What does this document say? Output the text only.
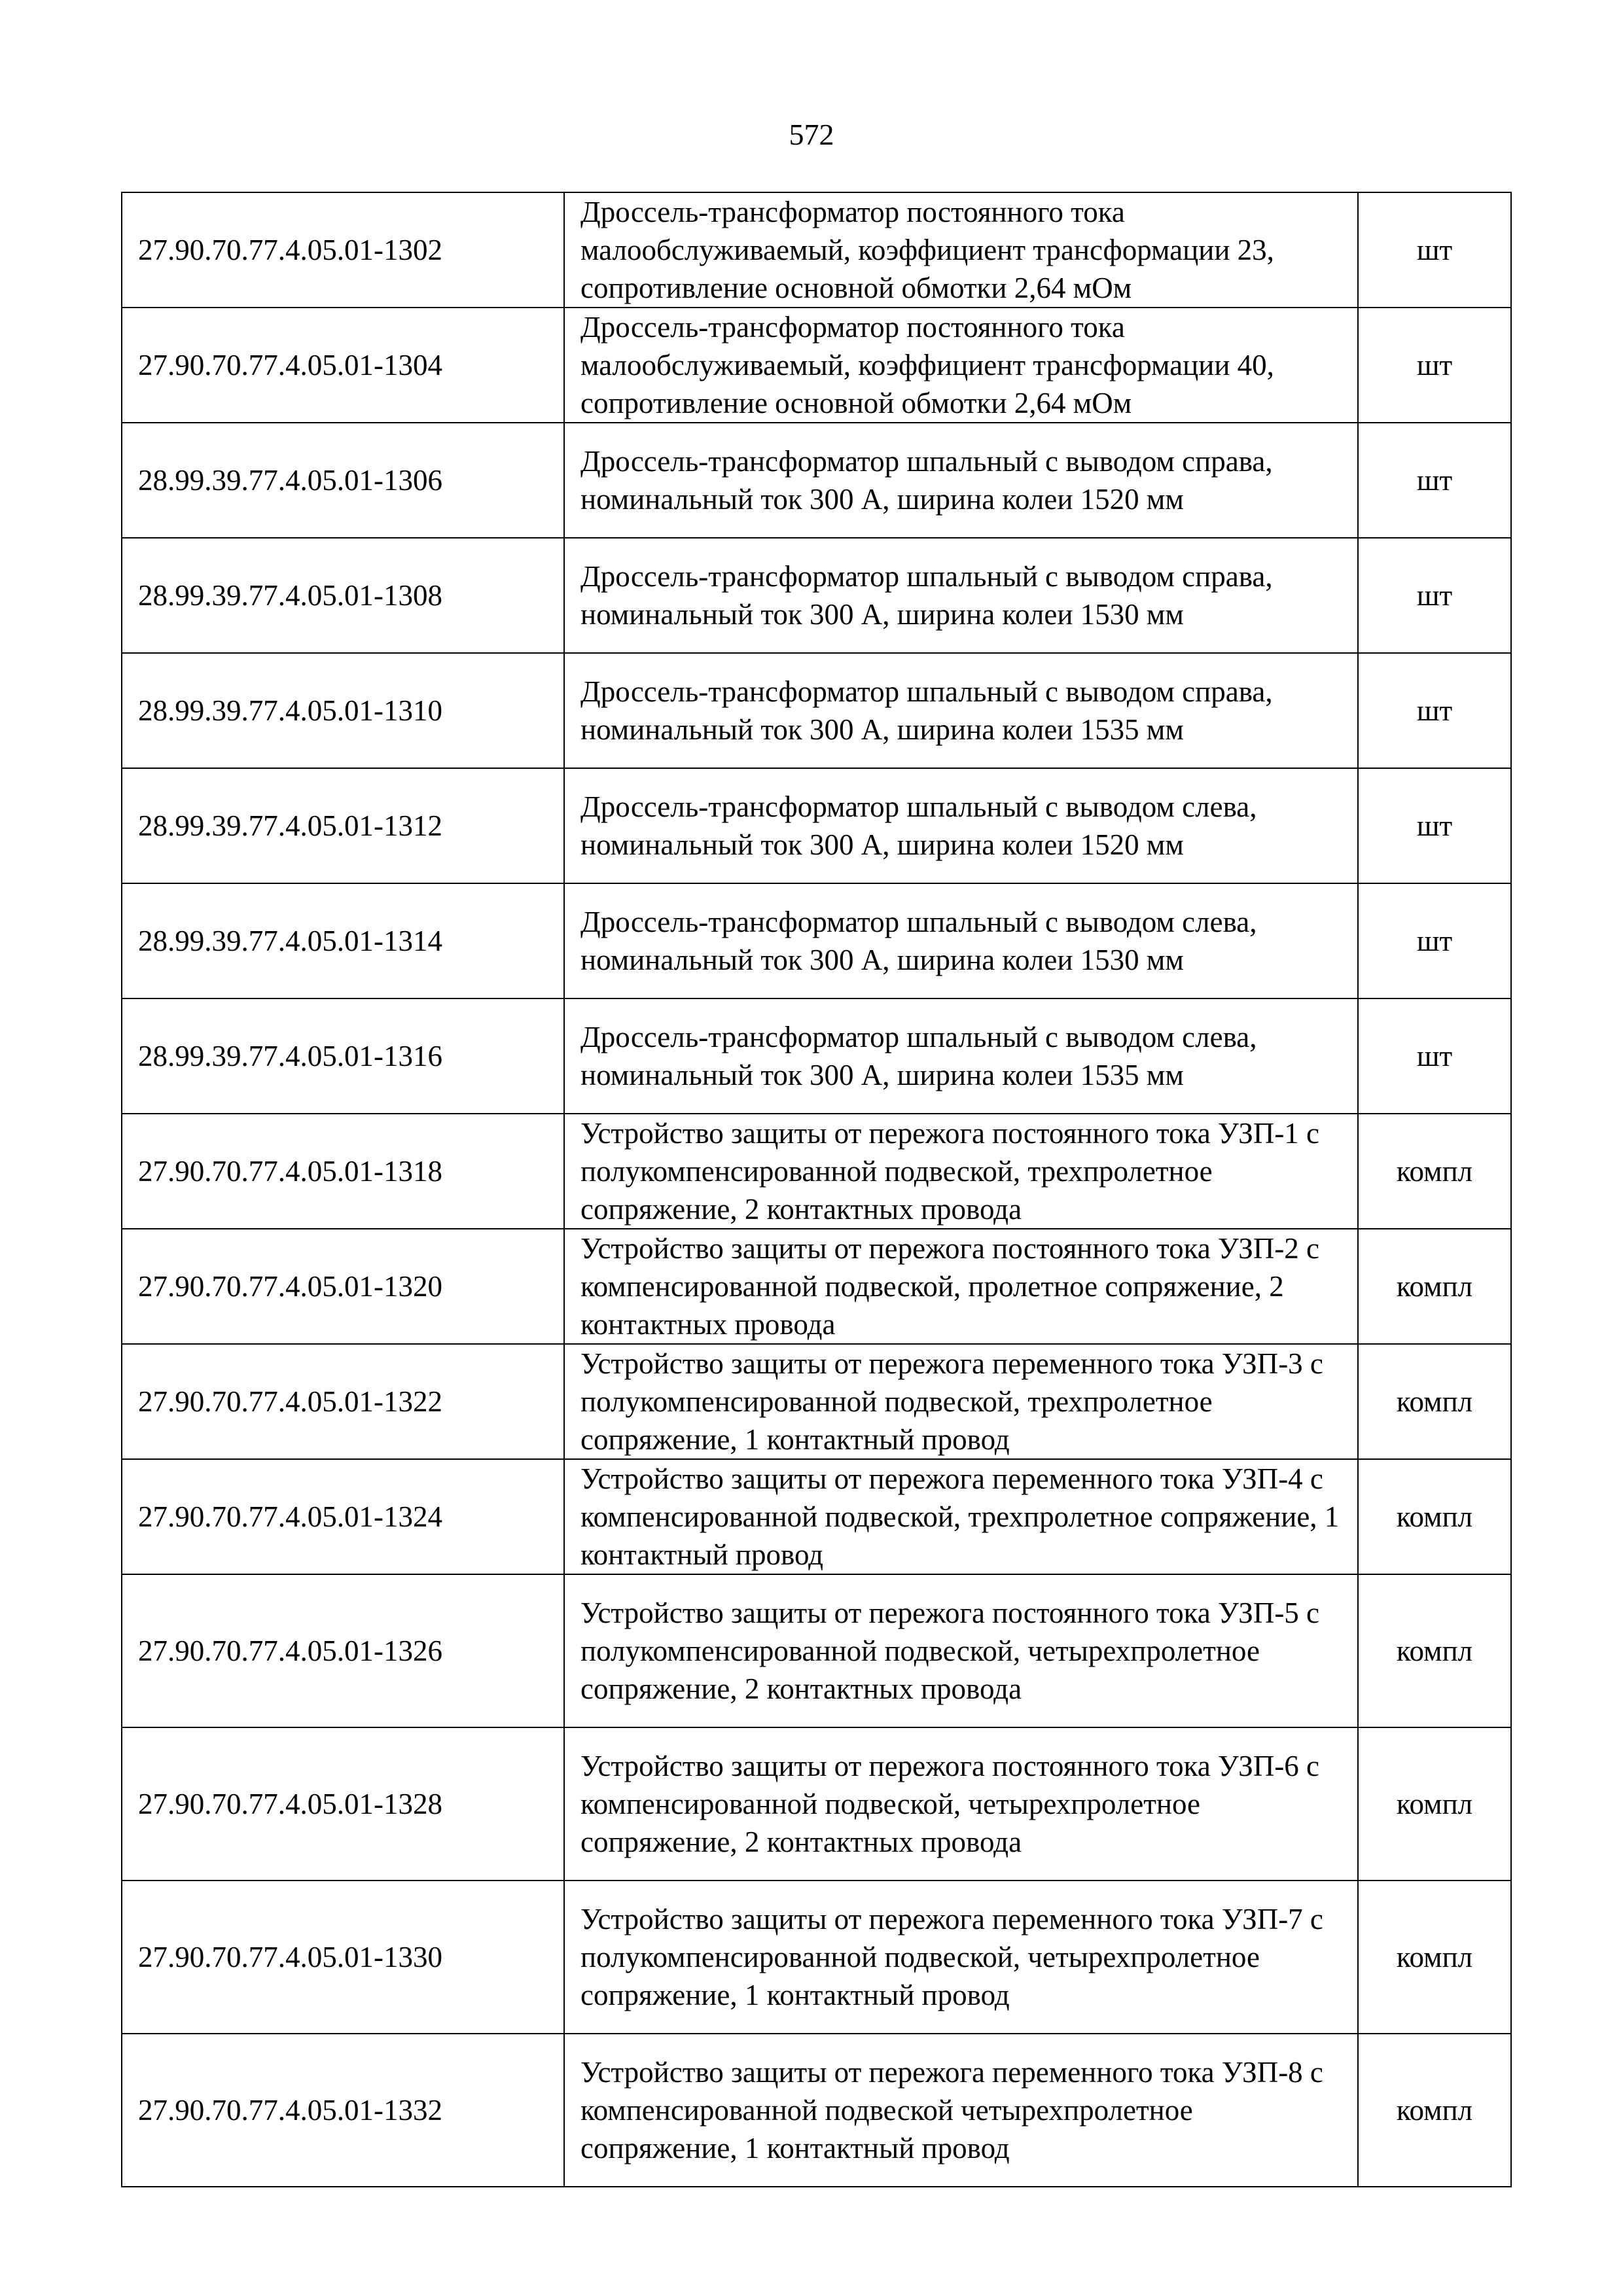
572
27.90.70.77.4.05.01-1302	Дроссель-трансформатор постоянного тока малообслуживаемый, коэффициент трансформации 23, сопротивление основной обмотки 2,64 мОм	шт
27.90.70.77.4.05.01-1304	Дроссель-трансформатор постоянного тока малообслуживаемый, коэффициент трансформации 40, сопротивление основной обмотки 2,64 мОм	шт
28.99.39.77.4.05.01-1306	Дроссель-трансформатор шпальный с выводом справа, номинальный ток 300 А, ширина колеи 1520 мм	шт
28.99.39.77.4.05.01-1308	Дроссель-трансформатор шпальный с выводом справа, номинальный ток 300 А, ширина колеи 1530 мм	шт
28.99.39.77.4.05.01-1310	Дроссель-трансформатор шпальный с выводом справа, номинальный ток 300 А, ширина колеи 1535 мм	шт
28.99.39.77.4.05.01-1312	Дроссель-трансформатор шпальный с выводом слева, номинальный ток 300 А, ширина колеи 1520 мм	шт
28.99.39.77.4.05.01-1314	Дроссель-трансформатор шпальный с выводом слева, номинальный ток 300 А, ширина колеи 1530 мм	шт
28.99.39.77.4.05.01-1316	Дроссель-трансформатор шпальный с выводом слева, номинальный ток 300 А, ширина колеи 1535 мм	шт
27.90.70.77.4.05.01-1318	Устройство защиты от пережога постоянного тока УЗП-1 с полукомпенсированной подвеской, трехпролетное сопряжение, 2 контактных провода	компл
27.90.70.77.4.05.01-1320	Устройство защиты от пережога постоянного тока УЗП-2 с компенсированной подвеской, пролетное сопряжение, 2 контактных провода	компл
27.90.70.77.4.05.01-1322	Устройство защиты от пережога переменного тока УЗП-3 с полукомпенсированной подвеской, трехпролетное сопряжение, 1 контактный провод	компл
27.90.70.77.4.05.01-1324	Устройство защиты от пережога переменного тока УЗП-4 с компенсированной подвеской, трехпролетное сопряжение, 1 контактный провод	компл
27.90.70.77.4.05.01-1326	Устройство защиты от пережога постоянного тока УЗП-5 с полукомпенсированной подвеской, четырехпролетное сопряжение, 2 контактных провода	компл
27.90.70.77.4.05.01-1328	Устройство защиты от пережога постоянного тока УЗП-6 с компенсированной подвеской, четырехпролетное сопряжение, 2 контактных провода	компл
27.90.70.77.4.05.01-1330	Устройство защиты от пережога переменного тока УЗП-7 с полукомпенсированной подвеской, четырехпролетное сопряжение, 1 контактный провод	компл
27.90.70.77.4.05.01-1332	Устройство защиты от пережога переменного тока УЗП-8 с компенсированной подвеской четырехпролетное сопряжение, 1 контактный провод	компл
